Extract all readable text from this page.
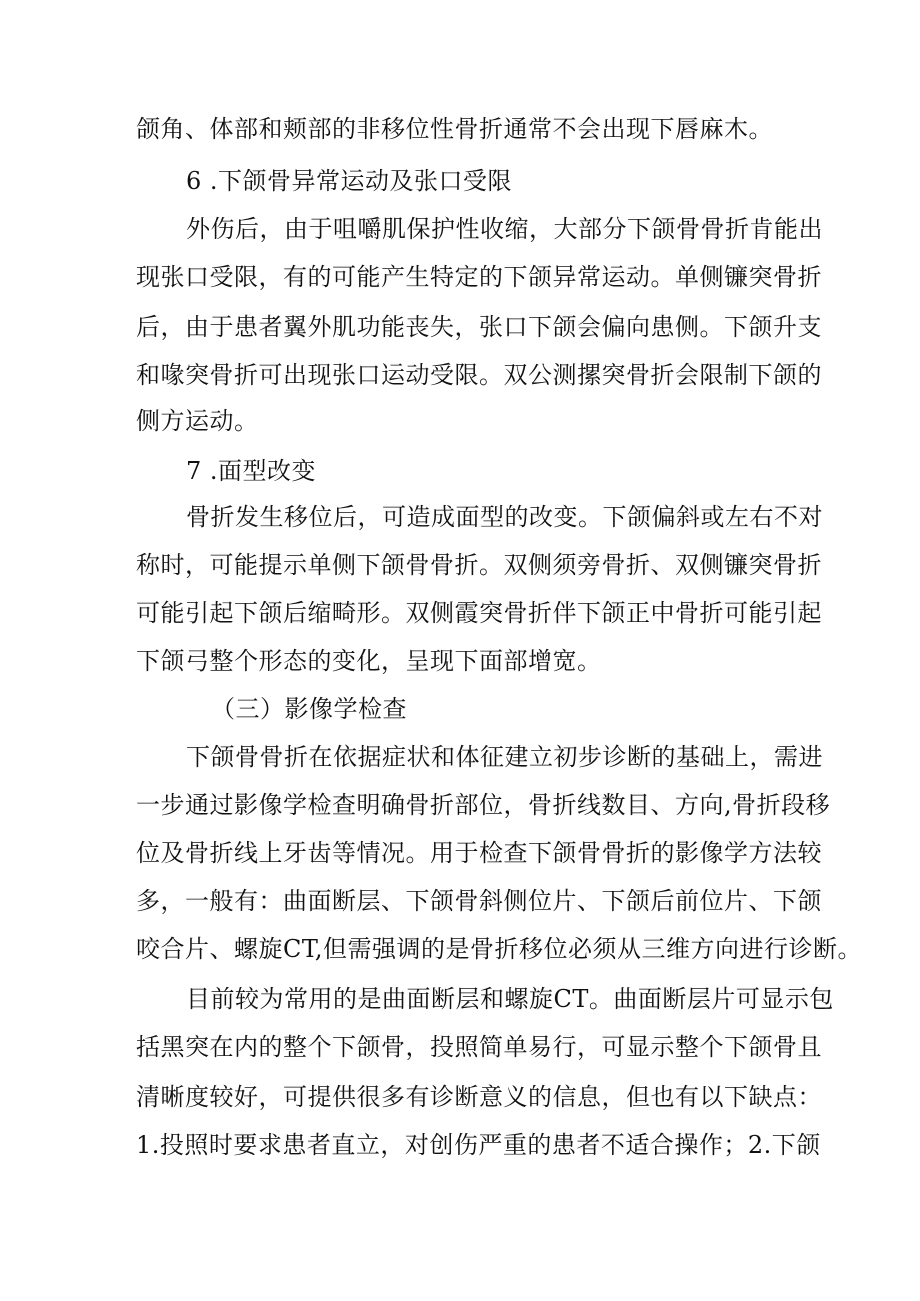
颌角、体部和颊部的非移位性骨折通常不会出现下唇麻木。
6 .下颌骨异常运动及张口受限
外伤后，由于咀嚼肌保护性收缩，大部分下颌骨骨折肯能出
现张口受限，有的可能产生特定的下颌异常运动。单侧镰突骨折
后，由于患者翼外肌功能丧失，张口下颌会偏向患侧。下颌升支
和喙突骨折可出现张口运动受限。双公测摞突骨折会限制下颌的
侧方运动。
7 .面型改变
骨折发生移位后，可造成面型的改变。下颌偏斜或左右不对
称时，可能提示单侧下颌骨骨折。双侧须旁骨折、双侧镰突骨折
可能引起下颌后缩畸形。双侧霞突骨折伴下颌正中骨折可能引起
下颌弓整个形态的变化，呈现下面部增宽。
（三）影像学检查
下颌骨骨折在依据症状和体征建立初步诊断的基础上，需进
一步通过影像学检查明确骨折部位，骨折线数目、方向,骨折段移
位及骨折线上牙齿等情况。用于检查下颌骨骨折的影像学方法较
多，一般有：曲面断层、下颌骨斜侧位片、下颌后前位片、下颌
咬合片、螺旋CT,但需强调的是骨折移位必须从三维方向进行诊断。
目前较为常用的是曲面断层和螺旋CT。曲面断层片可显示包
括黑突在内的整个下颌骨，投照简单易行，可显示整个下颌骨且
清晰度较好，可提供很多有诊断意义的信息，但也有以下缺点：
1.投照时要求患者直立，对创伤严重的患者不适合操作；2.下颌
